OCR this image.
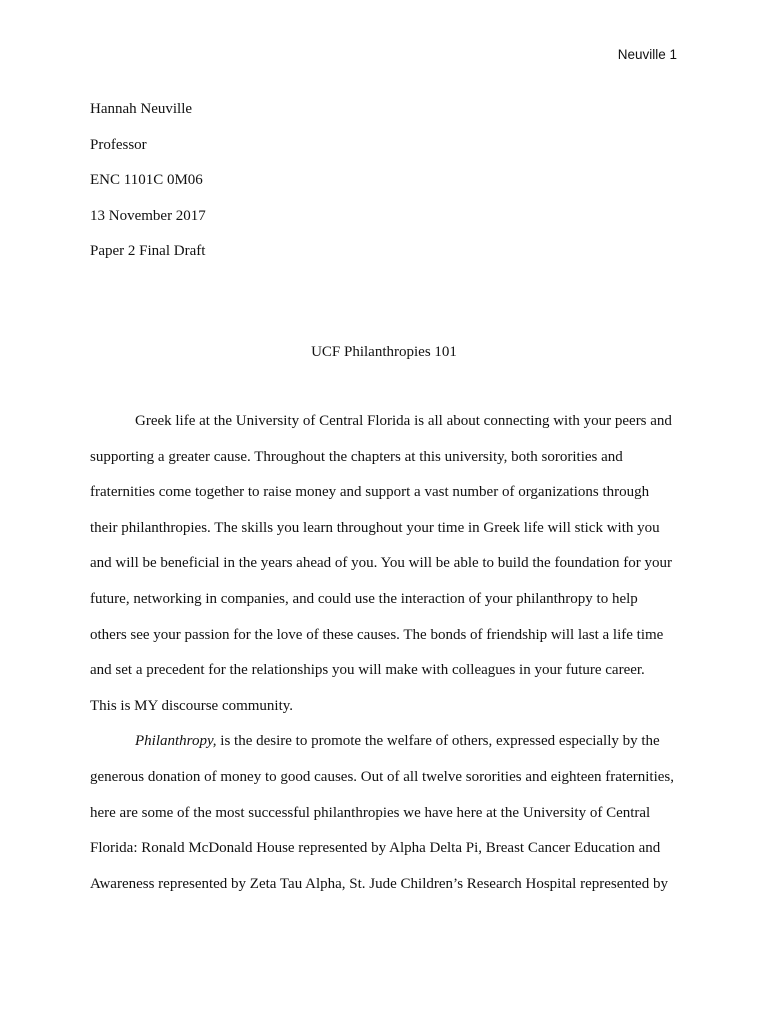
Neuville 1
Hannah Neuville
Professor
ENC 1101C 0M06
13 November 2017
Paper 2 Final Draft
UCF Philanthropies 101
Greek life at the University of Central Florida is all about connecting with your peers and
supporting a greater cause. Throughout the chapters at this university, both sororities and
fraternities come together to raise money and support a vast number of organizations through
their philanthropies. The skills you learn throughout your time in Greek life will stick with you
and will be beneficial in the years ahead of you. You will be able to build the foundation for your
future, networking in companies, and could use the interaction of your philanthropy to help
others see your passion for the love of these causes. The bonds of friendship will last a life time
and set a precedent for the relationships you will make with colleagues in your future career.
This is MY discourse community.
Philanthropy, is the desire to promote the welfare of others, expressed especially by the
generous donation of money to good causes. Out of all twelve sororities and eighteen fraternities,
here are some of the most successful philanthropies we have here at the University of Central
Florida: Ronald McDonald House represented by Alpha Delta Pi, Breast Cancer Education and
Awareness represented by Zeta Tau Alpha, St. Jude Children’s Research Hospital represented by
